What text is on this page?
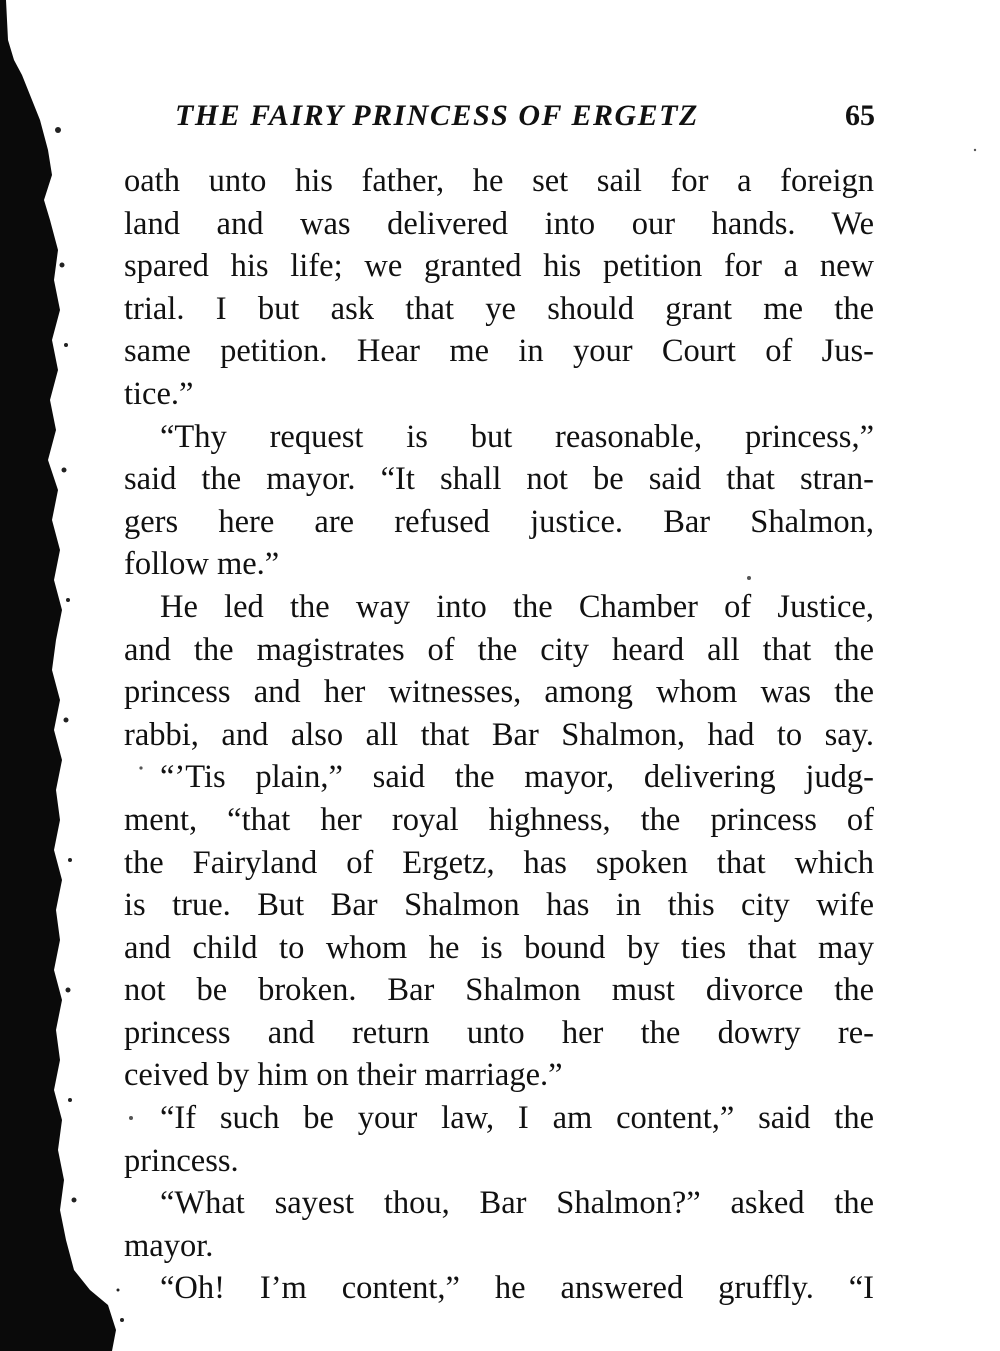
THE FAIRY PRINCESS OF ERGETZ	65
oath unto his father, he set sail for a foreign
land and was delivered into our hands. We
spared his life; we granted his petition for a new
trial. I but ask that ye should grant me the
same petition. Hear me in your Court of Jus-
tice.”
“Thy request is but reasonable, princess,”
said the mayor. “It shall not be said that stran-
gers here are refused justice. Bar Shalmon,
follow me.”
He led the way into the Chamber of Justice,
and the magistrates of the city heard all that the
princess and her witnesses, among whom was the
rabbi, and also all that Bar Shalmon, had to say.
“’Tis plain,” said the mayor, delivering judg-
ment, “that her royal highness, the princess of
the Fairyland of Ergetz, has spoken that which
is true. But Bar Shalmon has in this city wife
and child to whom he is bound by ties that may
not be broken. Bar Shalmon must divorce the
princess and return unto her the dowry re-
ceived by him on their marriage.”
“If such be your law, I am content,” said the
princess.
“What sayest thou, Bar Shalmon?” asked the
mayor.
“Oh! I’m content,” he answered gruffly. “I
